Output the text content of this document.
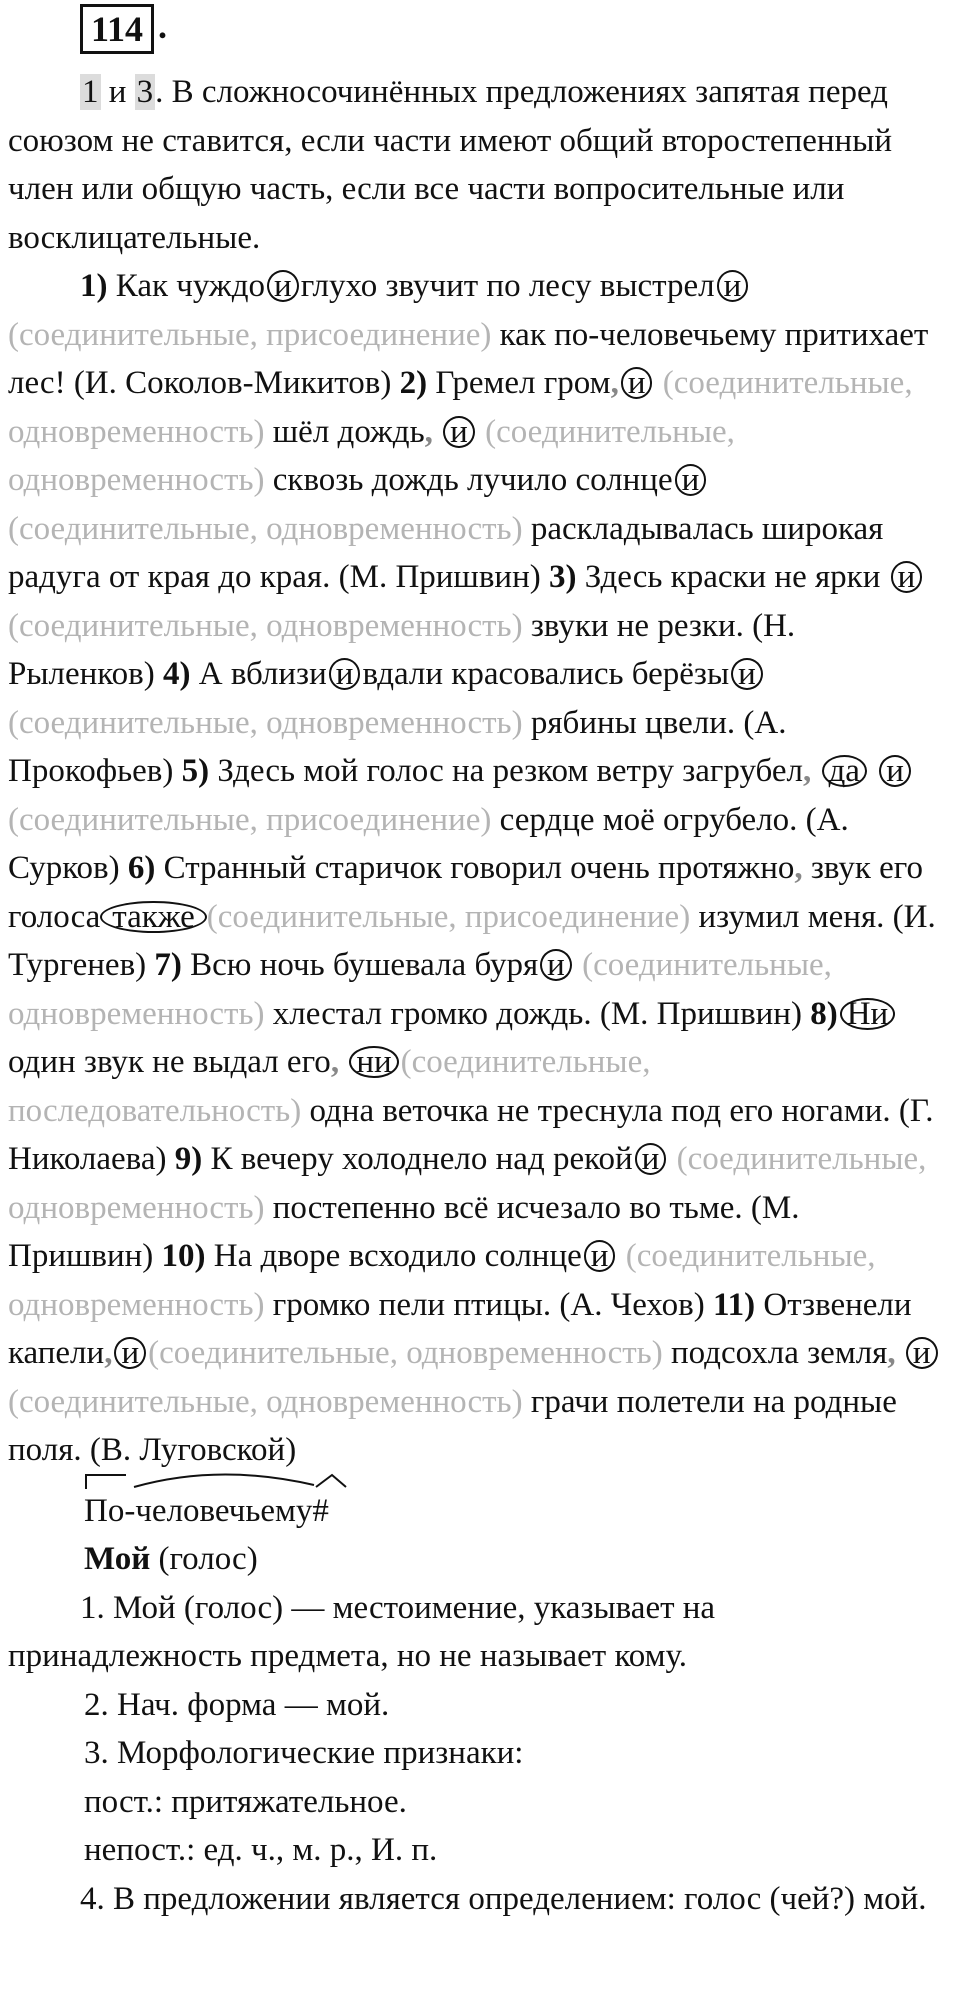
114 .

1 и 3. В сложносочинённых предложениях запятая перед союзом не ставится, если части имеют общий второстепенный член или общую часть, если все части вопросительные или восклицательные.

1) Как чуждо и глухо звучит по лесу выстрел и (соединительные, присоединение) как по-человечьему притихает лес! (И. Соколов-Микитов) 2) Гремел гром, и (соединительные, одновременность) шёл дождь, и (соединительные, одновременность) сквозь дождь лучило солнце и(соединительные, одновременность) раскладывалась широкая радуга от края до края. (М. Пришвин) 3) Здесь краски не ярки и(соединительные, одновременность) звуки не резки. (Н. Рыленков) 4) А вблизи и вдали красовались берёзы и(соединительные, одновременность) рябины цвели. (А. Прокофьев) 5) Здесь мой голос на резком ветру загрубел, да и(соединительные, присоединение) сердце моё огрубело. (А. Сурков) 6) Странный старичок говорил очень протяжно, звук его голоса также (соединительные, присоединение) изумил меня. (И. Тургенев) 7) Всю ночь бушевала буря и (соединительные, одновременность) хлестал громко дождь. (М. Пришвин) 8) Ниодин звук не выдал его, ни (соединительные, последовательность) одна веточка не треснула под его ногами. (Г. Николаева) 9) К вечеру холоднело над рекой и (соединительные, одновременность) постепенно всё исчезало во тьме. (М. Пришвин) 10) На дворе всходило солнце и (соединительные, одновременность) громко пели птицы. (А. Чехов) 11) Отзвенели капели, и (соединительные, одновременность) подсохла земля, и(соединительные, одновременность) грачи полетели на родные поля. (В. Луговской)

По-человечьему#

Мой (голос)

1. Мой (голос) — местоимение, указывает на принадлежность предмета, но не называет кому.

2. Нач. форма — мой.

3. Морфологические признаки:

пост.: притяжательное.

непост.: ед. ч., м. р., И. п.

4. В предложении является определением: голос (чей?) мой.
